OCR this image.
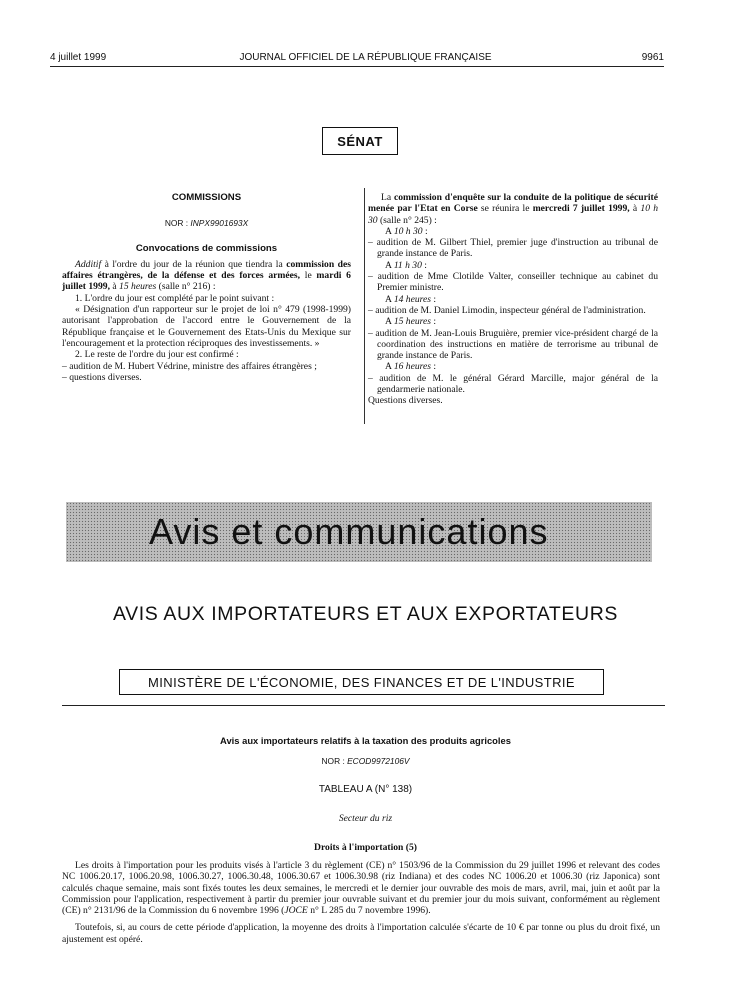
4 juillet 1999	JOURNAL OFFICIEL DE LA RÉPUBLIQUE FRANÇAISE	9961
SÉNAT

COMMISSIONS

NOR : INPX9901693X

Convocations de commissions

Additif à l'ordre du jour de la réunion que tiendra la commission des affaires étrangères, de la défense et des forces armées, le mardi 6 juillet 1999, à 15 heures (salle n° 216) :

1. L'ordre du jour est complété par le point suivant :

« Désignation d'un rapporteur sur le projet de loi n° 479 (1998-1999) autorisant l'approbation de l'accord entre le Gouvernement de la République française et le Gouvernement des Etats-Unis du Mexique sur l'encouragement et la protection réciproques des investissements. »

2. Le reste de l'ordre du jour est confirmé :

– audition de M. Hubert Védrine, ministre des affaires étrangères ;

– questions diverses.

La commission d'enquête sur la conduite de la politique de sécurité menée par l'Etat en Corse se réunira le mercredi 7 juillet 1999, à 10 h 30 (salle n° 245) :

A 10 h 30 :

– audition de M. Gilbert Thiel, premier juge d'instruction au tribunal de grande instance de Paris.

A 11 h 30 :

– audition de Mme Clotilde Valter, conseiller technique au cabinet du Premier ministre.

A 14 heures :

– audition de M. Daniel Limodin, inspecteur général de l'administration.

A 15 heures :

– audition de M. Jean-Louis Bruguière, premier vice-président chargé de la coordination des instructions en matière de terrorisme au tribunal de grande instance de Paris.

A 16 heures :

– audition de M. le général Gérard Marcille, major général de la gendarmerie nationale.

Questions diverses.

Avis et communications
AVIS AUX IMPORTATEURS ET AUX EXPORTATEURS
MINISTÈRE DE L'ÉCONOMIE, DES FINANCES ET DE L'INDUSTRIE
Avis aux importateurs relatifs à la taxation des produits agricoles
NOR : ECOD9972106V
TABLEAU A (N° 138)
Secteur du riz
Droits à l'importation (5)

Les droits à l'importation pour les produits visés à l'article 3 du règlement (CE) n° 1503/96 de la Commission du 29 juillet 1996 et relevant des codes NC 1006.20.17, 1006.20.98, 1006.30.27, 1006.30.48, 1006.30.67 et 1006.30.98 (riz Indiana) et des codes NC 1006.20 et 1006.30 (riz Japonica) sont calculés chaque semaine, mais sont fixés toutes les deux semaines, le mercredi et le dernier jour ouvrable des mois de mars, avril, mai, juin et août par la Commission pour l'application, respectivement à partir du premier jour ouvrable suivant et du premier jour du mois suivant, conformément au règlement (CE) n° 2131/96 de la Commission du 6 novembre 1996 (JOCE n° L 285 du 7 novembre 1996).

Toutefois, si, au cours de cette période d'application, la moyenne des droits à l'importation calculée s'écarte de 10 € par tonne ou plus du droit fixé, un ajustement est opéré.
